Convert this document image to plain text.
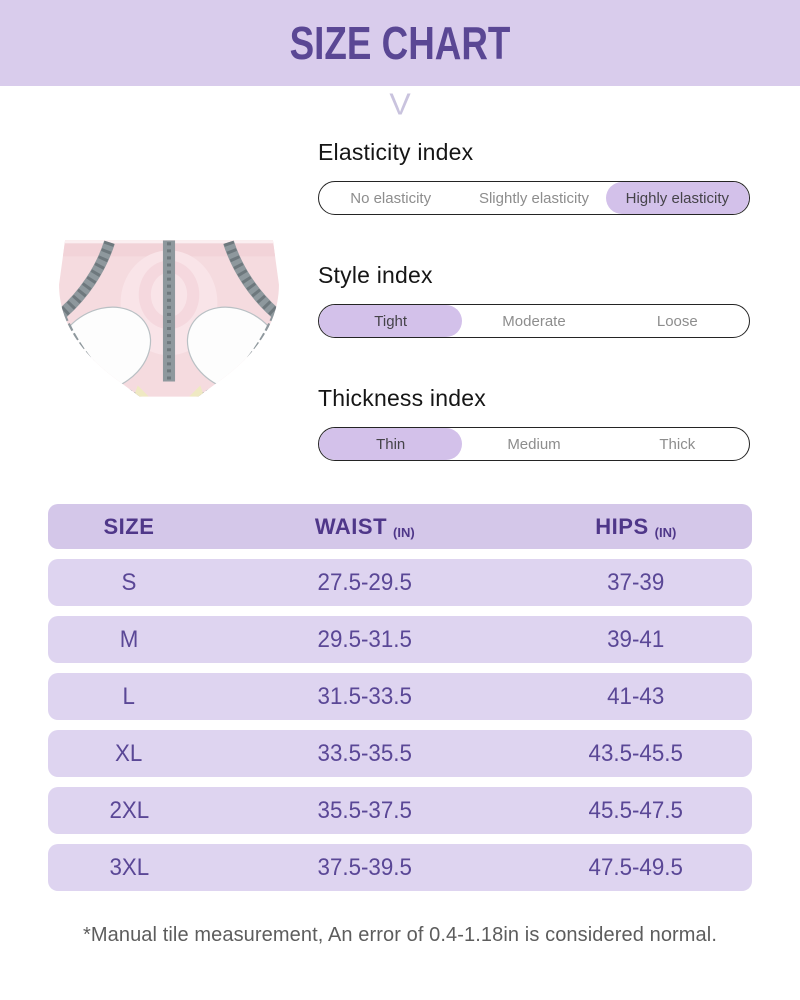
SIZE CHART
V
Elasticity index
No elasticity	Slightly elasticity	Highly elasticity
Style index
Tight	Moderate	Loose
Thickness index
Thin	Medium	Thick
SIZE	WAIST (IN)	HIPS (IN)
S	27.5-29.5	37-39
M	29.5-31.5	39-41
L	31.5-33.5	41-43
XL	33.5-35.5	43.5-45.5
2XL	35.5-37.5	45.5-47.5
3XL	37.5-39.5	47.5-49.5
*Manual tile measurement, An error of 0.4-1.18in is considered normal.
